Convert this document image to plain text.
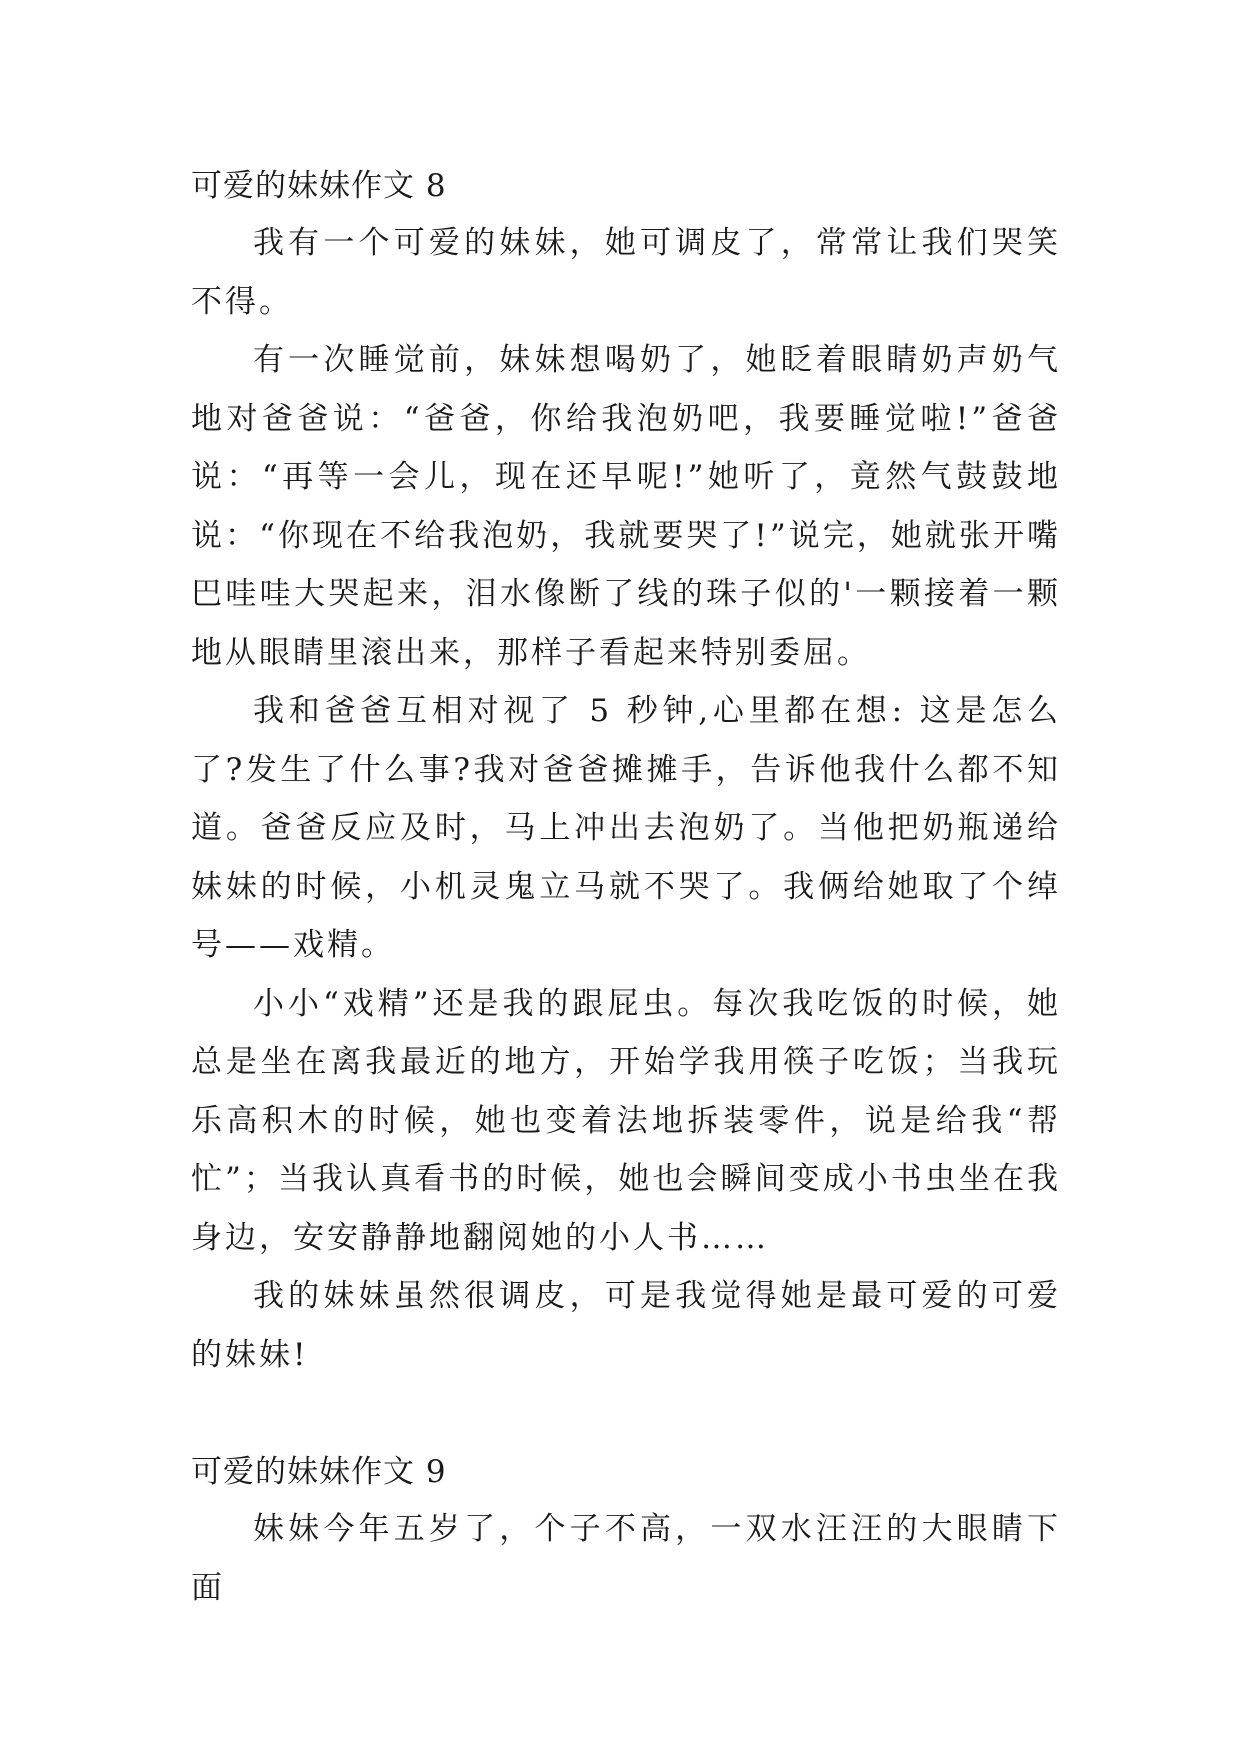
可爱的妹妹作文 8

我有一个可爱的妹妹，她可调皮了，常常让我们哭笑不得。

有一次睡觉前，妹妹想喝奶了，她眨着眼睛奶声奶气地对爸爸说：“爸爸，你给我泡奶吧，我要睡觉啦!”爸爸说：“再等一会儿，现在还早呢!”她听了，竟然气鼓鼓地说：“你现在不给我泡奶，我就要哭了!”说完，她就张开嘴巴哇哇大哭起来，泪水像断了线的珠子似的'一颗接着一颗地从眼睛里滚出来，那样子看起来特别委屈。

我和爸爸互相对视了 5 秒钟,心里都在想: 这是怎么了?发生了什么事?我对爸爸摊摊手，告诉他我什么都不知道。爸爸反应及时，马上冲出去泡奶了。当他把奶瓶递给妹妹的时候，小机灵鬼立马就不哭了。我俩给她取了个绰号——戏精。

小小“戏精”还是我的跟屁虫。每次我吃饭的时候，她总是坐在离我最近的地方，开始学我用筷子吃饭；当我玩乐高积木的时候，她也变着法地拆装零件，说是给我“帮忙”；当我认真看书的时候，她也会瞬间变成小书虫坐在我身边，安安静静地翻阅她的小人书……

我的妹妹虽然很调皮，可是我觉得她是最可爱的可爱的妹妹!

可爱的妹妹作文 9

妹妹今年五岁了，个子不高，一双水汪汪的大眼睛下面
